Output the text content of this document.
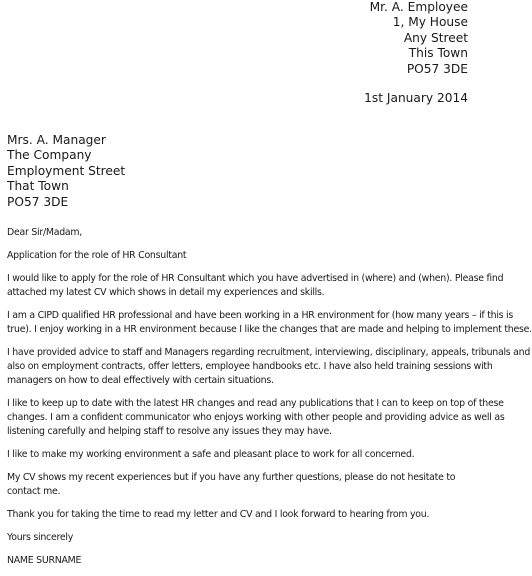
Mr. A. Employee
1, My House
Any Street
This Town
PO57 3DE
1st January 2014
Mrs. A. Manager
The Company
Employment Street
That Town
PO57 3DE

Dear Sir/Madam,

Application for the role of HR Consultant

I would like to apply for the role of HR Consultant which you have advertised in (where) and (when). Please find
attached my latest CV which shows in detail my experiences and skills.

I am a CIPD qualified HR professional and have been working in a HR environment for (how many years – if this is
true). I enjoy working in a HR environment because I like the changes that are made and helping to implement these.

I have provided advice to staff and Managers regarding recruitment, interviewing, disciplinary, appeals, tribunals and
also on employment contracts, offer letters, employee handbooks etc. I have also held training sessions with
managers on how to deal effectively with certain situations.

I like to keep up to date with the latest HR changes and read any publications that I can to keep on top of these
changes. I am a confident communicator who enjoys working with other people and providing advice as well as
listening carefully and helping staff to resolve any issues they may have.

I like to make my working environment a safe and pleasant place to work for all concerned.

My CV shows my recent experiences but if you have any further questions, please do not hesitate to contact me.

Thank you for taking the time to read my letter and CV and I look forward to hearing from you.

Yours sincerely

NAME SURNAME
